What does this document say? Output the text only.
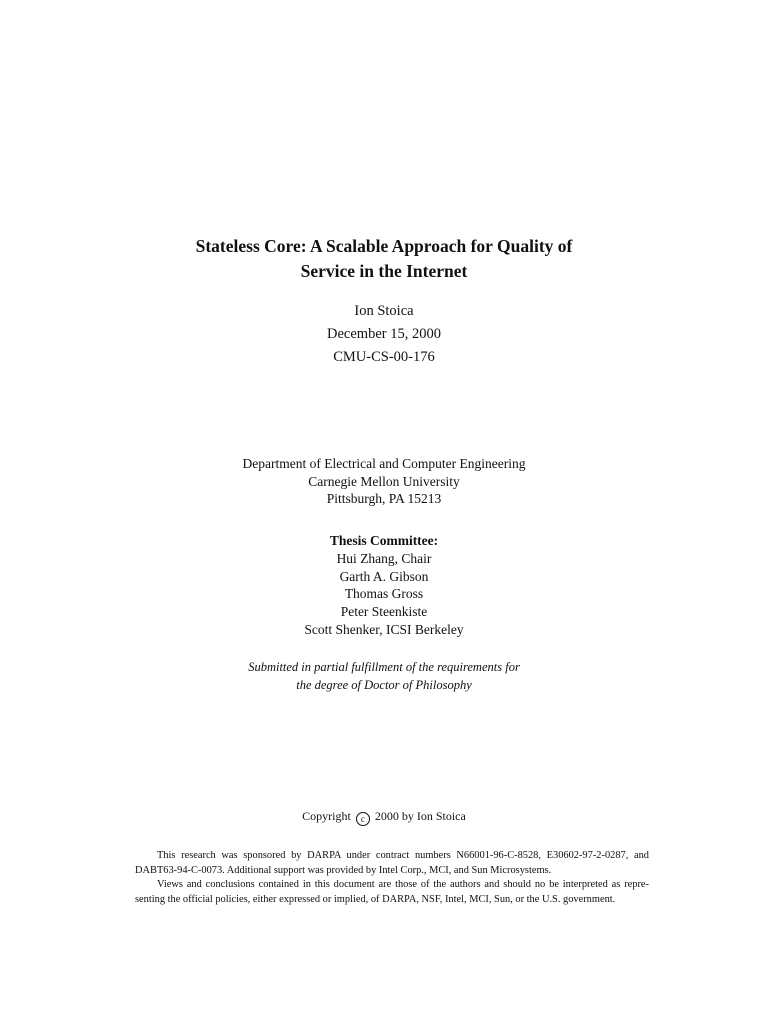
Stateless Core: A Scalable Approach for Quality of
Service in the Internet
Ion Stoica
December 15, 2000
CMU-CS-00-176
Department of Electrical and Computer Engineering
Carnegie Mellon University
Pittsburgh, PA 15213
Thesis Committee:
Hui Zhang, Chair
Garth A. Gibson
Thomas Gross
Peter Steenkiste
Scott Shenker, ICSI Berkeley
Submitted in partial fulfillment of the requirements for
the degree of Doctor of Philosophy
Copyright c 2000 by Ion Stoica

This research was sponsored by DARPA under contract numbers N66001-96-C-8528, E30602-97-2-0287, and

DABT63-94-C-0073. Additional support was provided by Intel Corp., MCI, and Sun Microsystems.

Views and conclusions contained in this document are those of the authors and should no be interpreted as repre-

senting the official policies, either expressed or implied, of DARPA, NSF, Intel, MCI, Sun, or the U.S. government.
